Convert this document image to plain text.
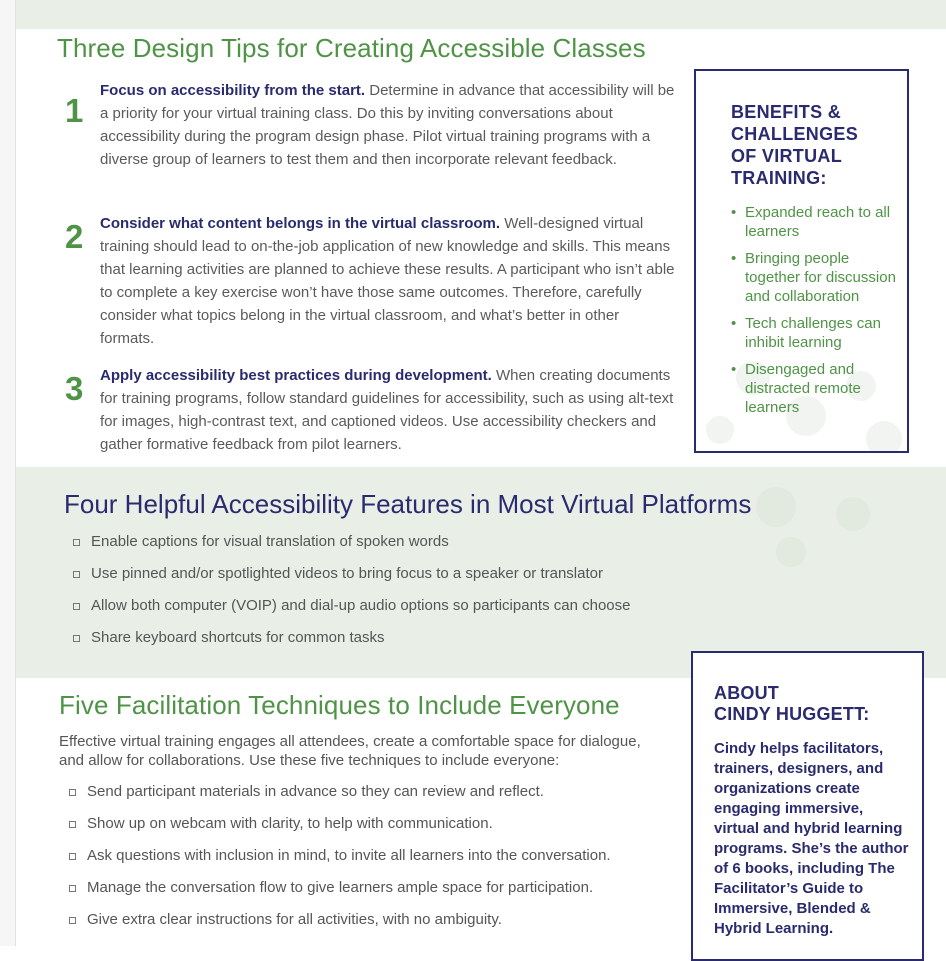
Three Design Tips for Creating Accessible Classes
1

Focus on accessibility from the start. Determine in advance that accessibility will be a priority for your virtual training class. Do this by inviting conversations about accessibility during the program design phase. Pilot virtual training programs with a diverse group of learners to test them and then incorporate relevant feedback.

2 Consider what content belongs in the virtual classroom. Well-designed virtual training should lead to on-the-job application of new knowledge and skills. This means that learning activities are planned to achieve these results. A participant who isn’t able to complete a key exercise won’t have those same outcomes. Therefore, carefully consider what topics belong in the virtual classroom, and what’s better in other formats.

3 Apply accessibility best practices during development. When creating documents for training programs, follow standard guidelines for accessibility, such as using alt-text for images, high-contrast text, and captioned videos. Use accessibility checkers and gather formative feedback from pilot learners.

BENEFITS &
CHALLENGES
OF VIRTUAL
TRAINING:
• Expanded reach to all learners
• Bringing people together for discussion and collaboration
• Tech challenges can inhibit learning
• Disengaged and distracted remote learners
Four Helpful Accessibility Features in Most Virtual Platforms
Enable captions for visual translation of spoken words
Use pinned and/or spotlighted videos to bring focus to a speaker or translator
Allow both computer (VOIP) and dial-up audio options so participants can choose
Share keyboard shortcuts for common tasks
Five Facilitation Techniques to Include Everyone

Effective virtual training engages all attendees, create a comfortable space for dialogue, and allow for collaborations. Use these five techniques to include everyone:

Send participant materials in advance so they can review and reflect.
Show up on webcam with clarity, to help with communication.
Ask questions with inclusion in mind, to invite all learners into the conversation.
Manage the conversation flow to give learners ample space for participation.
Give extra clear instructions for all activities, with no ambiguity.
ABOUT
CINDY HUGGETT:

Cindy helps facilitators, trainers, designers, and organizations create engaging immersive, virtual and hybrid learning programs. She’s the author of 6 books, including The Facilitator’s Guide to Immersive, Blended & Hybrid Learning.
